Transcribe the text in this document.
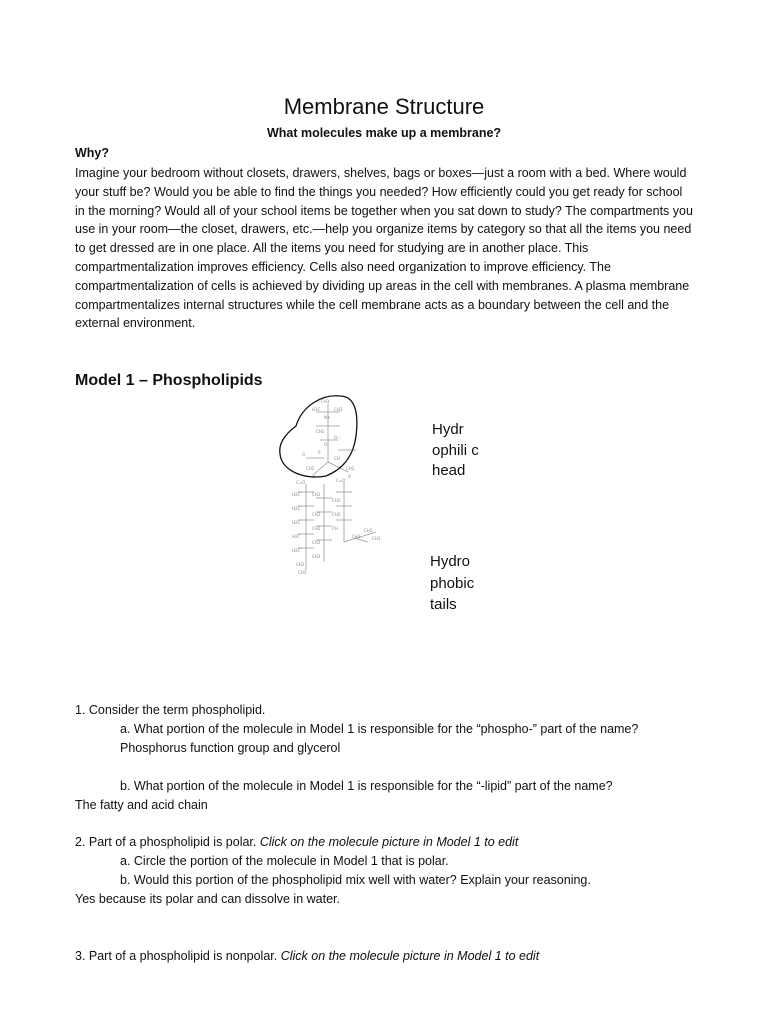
Membrane Structure
What molecules make up a membrane?
Why?
Imagine your bedroom without closets, drawers, shelves, bags or boxes—just a room with a bed. Where would your stuff be? Would you be able to find the things you needed? How efficiently could you get ready for school in the morning? Would all of your school items be together when you sat down to study? The compartments you use in your room—the closet, drawers, etc.—help you organize items by category so that all the items you need to get dressed are in one place. All the items you need for studying are in another place. This compartmentalization improves efficiency. Cells also need organization to improve efficiency. The compartmentalization of cells is achieved by dividing up areas in the cell with membranes. A plasma membrane compartmentalizes internal structures while the cell membrane acts as a boundary between the cell and the external environment.
Model 1 – Phospholipids
CH3
H3C	CH3
N+
CH2
O
O−
P
O
CH
CH2	CH2
O	O
C=O	C=O
H2C	CH2
H2C
CH2
H2C
CH2
H2C
CH2
H2C
CH2
CH2
CH2
CH3
CH3
CH
CH2
CH2
CH3
Hydr ophili c head
Hydro phobic tails
1. Consider the term phospholipid.
a. What portion of the molecule in Model 1 is responsible for the “phospho-” part of the name?
Phosphorus function group and glycerol
b. What portion of the molecule in Model 1 is responsible for the “-lipid” part of the name?
The fatty and acid chain
2. Part of a phospholipid is polar. Click on the molecule picture in Model 1 to edit
a. Circle the portion of the molecule in Model 1 that is polar.
b. Would this portion of the phospholipid mix well with water? Explain your reasoning.
Yes because its polar and can dissolve in water.
3. Part of a phospholipid is nonpolar. Click on the molecule picture in Model 1 to edit
